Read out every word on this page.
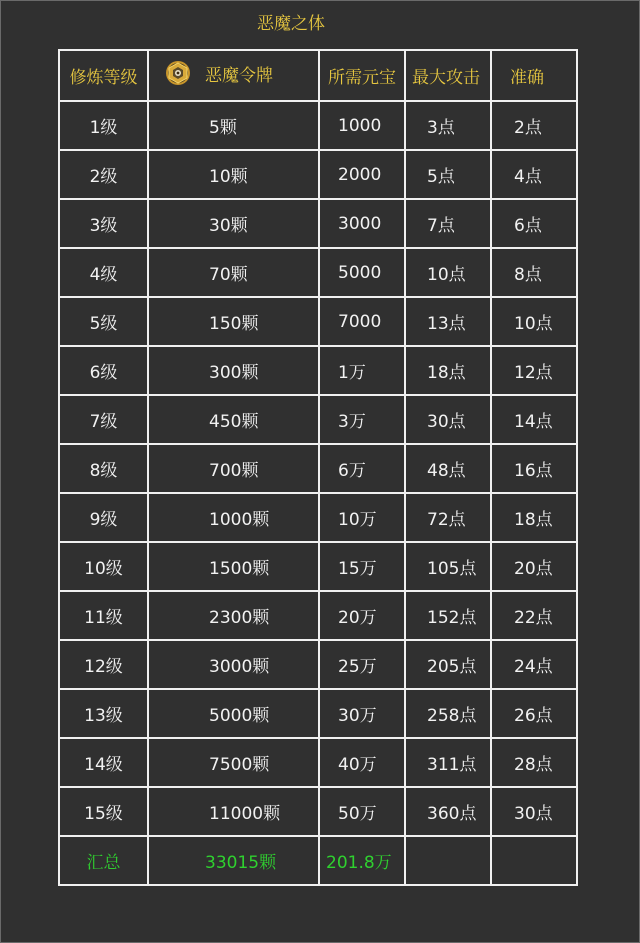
恶魔之体
修炼等级	恶魔令牌	所需元宝	最大攻击	准确
1级	5颗	1000	3点	2点
2级	10颗	2000	5点	4点
3级	30颗	3000	7点	6点
4级	70颗	5000	10点	8点
5级	150颗	7000	13点	10点
6级	300颗	1万	18点	12点
7级	450颗	3万	30点	14点
8级	700颗	6万	48点	16点
9级	1000颗	10万	72点	18点
10级	1500颗	15万	105点	20点
11级	2300颗	20万	152点	22点
12级	3000颗	25万	205点	24点
13级	5000颗	30万	258点	26点
14级	7500颗	40万	311点	28点
15级	11000颗	50万	360点	30点
汇总	33015颗	201.8万		
